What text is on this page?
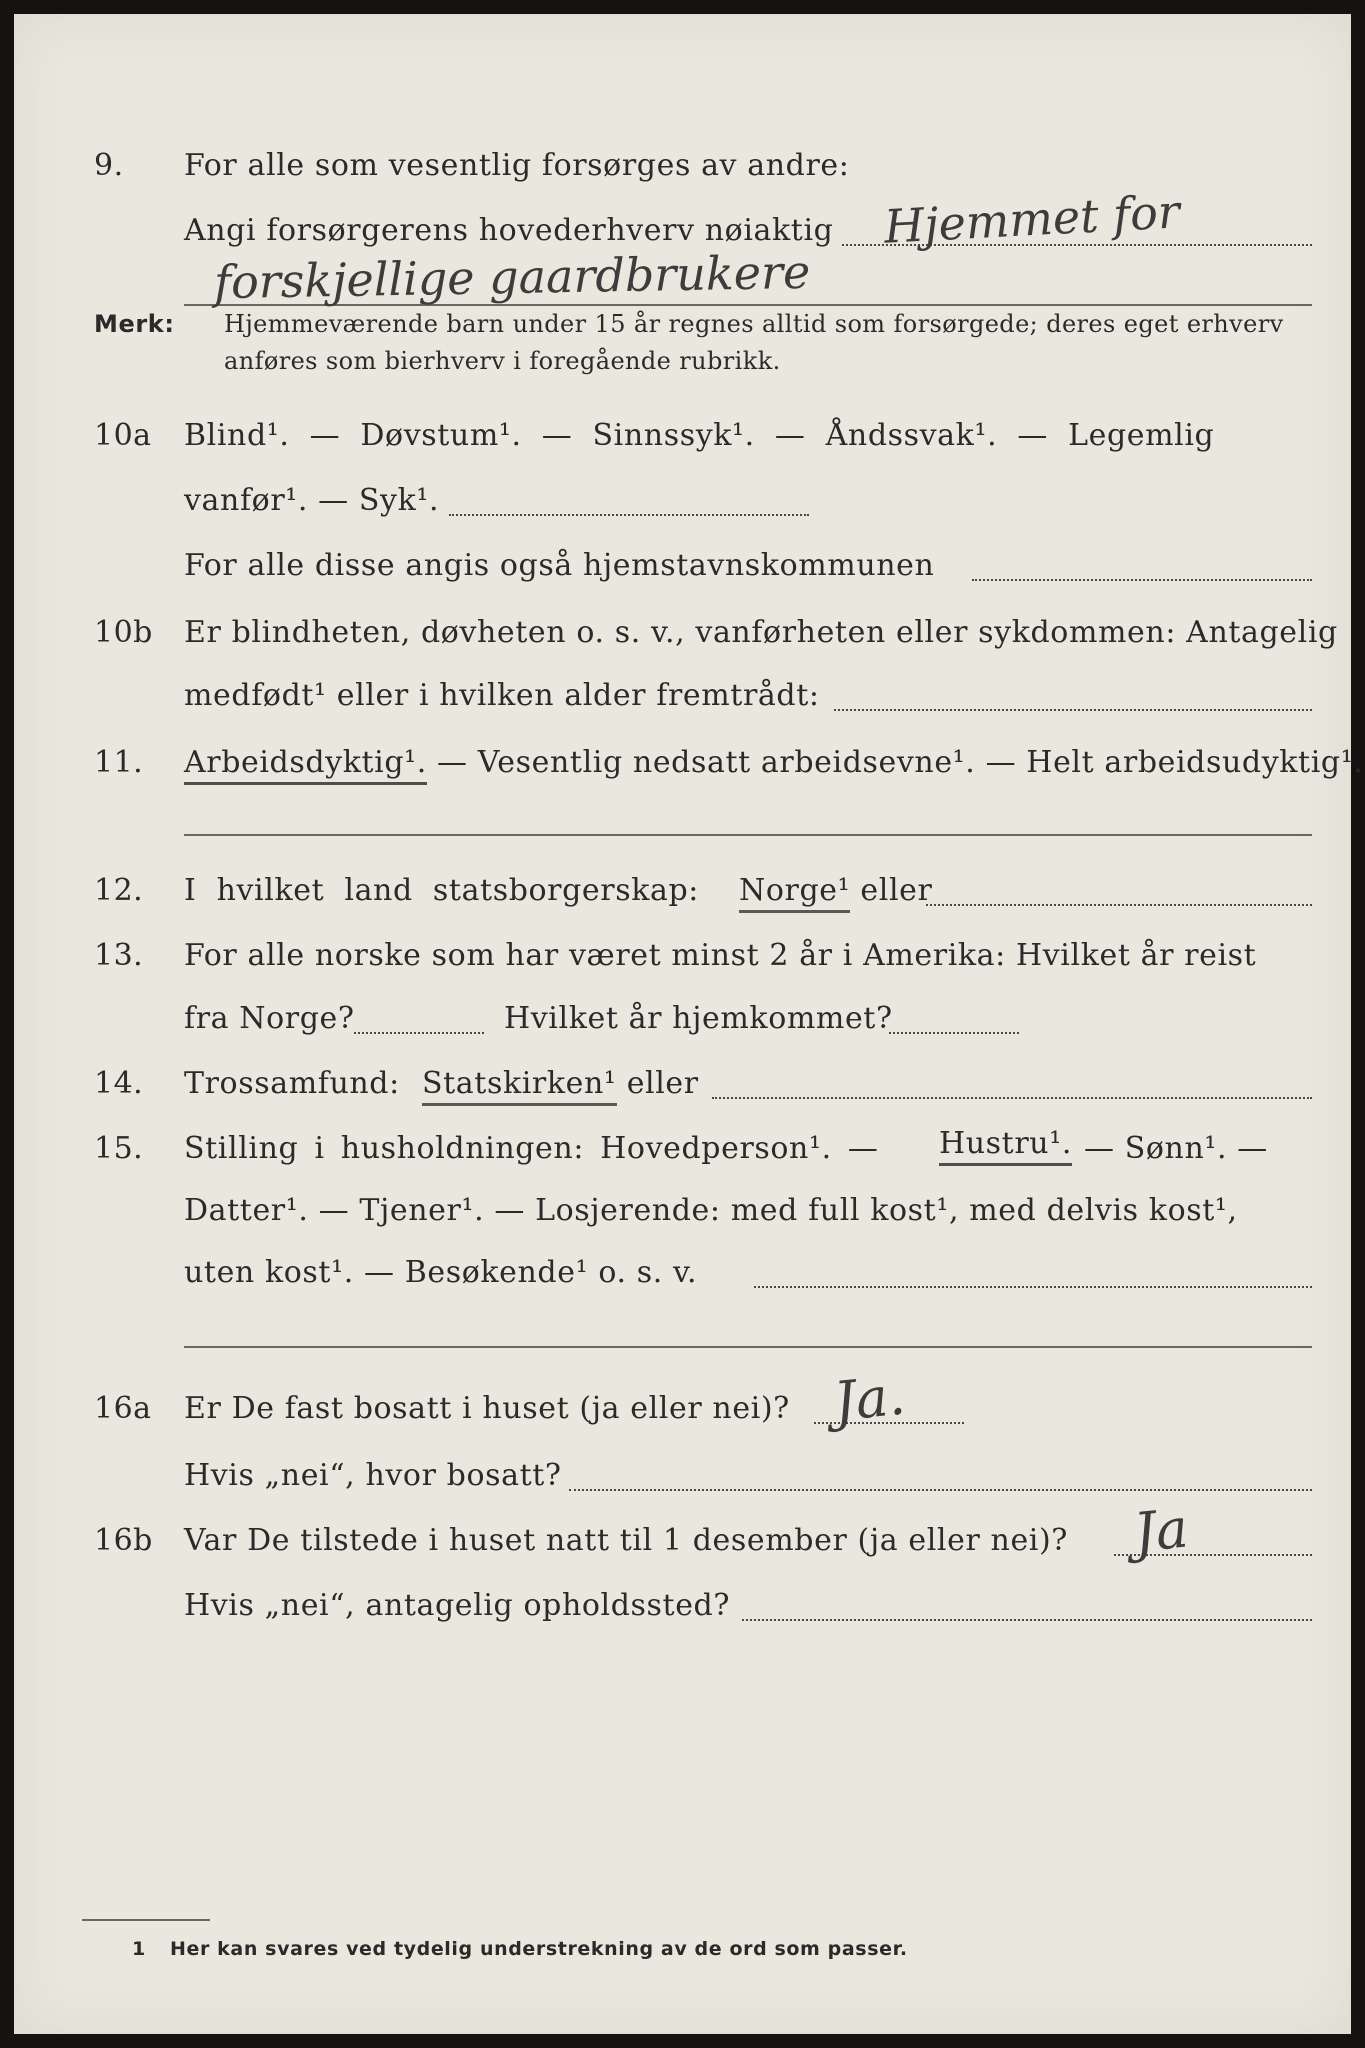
9. For alle som vesentlig forsørges av andre:
Angi forsørgerens hovederhverv nøiaktig Hjemmet for
forskjellige gaardbrukere
Merk: Hjemmeværende barn under 15 år regnes alltid som forsørgede; deres eget erhverv
anføres som bierhverv i foregående rubrikk.
10a Blind¹. — Døvstum¹. — Sinnssyk¹. — Åndssvak¹. — Legemlig
vanfør¹. — Syk¹.
For alle disse angis også hjemstavnskommunen
10b Er blindheten, døvheten o. s. v., vanførheten eller sykdommen: Antagelig
medfødt¹ eller i hvilken alder fremtrådt:
11. Arbeidsdyktig¹. — Vesentlig nedsatt arbeidsevne¹. — Helt arbeidsudyktig¹.
12. I hvilket land statsborgerskap: Norge¹ eller
13. For alle norske som har været minst 2 år i Amerika: Hvilket år reist
fra Norge?	Hvilket år hjemkommet?
14. Trossamfund: Statskirken¹ eller
15. Stilling i husholdningen: Hovedperson¹. — Hustru¹. — Sønn¹. —
Datter¹. — Tjener¹. — Losjerende: med full kost¹, med delvis kost¹,
uten kost¹. — Besøkende¹ o. s. v.
16a Er De fast bosatt i huset (ja eller nei)? Ja.
Hvis „nei“, hvor bosatt?
16b Var De tilstede i huset natt til 1 desember (ja eller nei)? Ja
Hvis „nei“, antagelig opholdssted?
1 Her kan svares ved tydelig understrekning av de ord som passer.
